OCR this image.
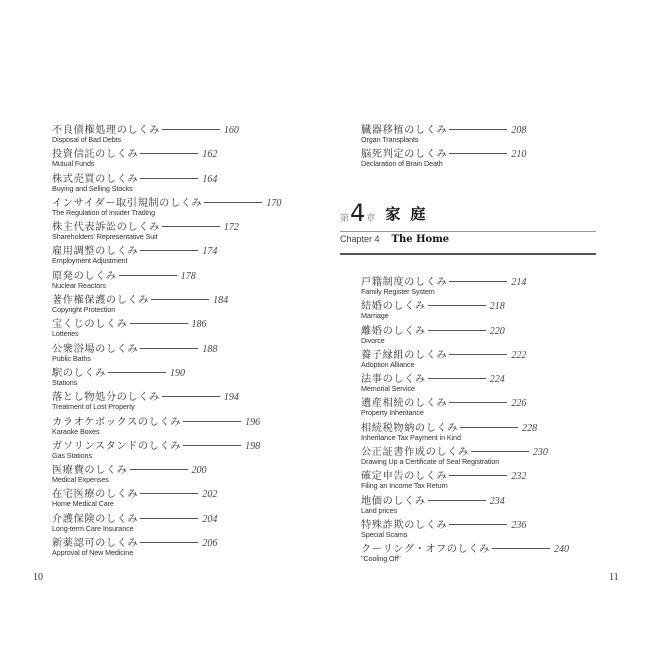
不良債権処理のしくみ	160
Disposal of Bad Debts
投資信託のしくみ	162
Mutual Funds
株式売買のしくみ	164
Buying and Selling Stocks
インサイダー取引規制のしくみ	170
The Regulation of Insider Trading
株主代表訴訟のしくみ	172
Shareholders' Representative Suit
雇用調整のしくみ	174
Employment Adjustment
原発のしくみ	178
Nuclear Reactors
著作権保護のしくみ	184
Copyright Protection
宝くじのしくみ	186
Lotteries
公衆浴場のしくみ	188
Public Baths
駅のしくみ	190
Stations
落とし物処分のしくみ	194
Treatment of Lost Property
カラオケボックスのしくみ	196
Karaoke Boxes
ガソリンスタンドのしくみ	198
Gas Stations
医療費のしくみ	200
Medical Expenses
在宅医療のしくみ	202
Home Medical Care
介護保険のしくみ	204
Long-term Care Insurance
新薬認可のしくみ	206
Approval of New Medicine
10
臓器移植のしくみ	208
Organ Transplants
脳死判定のしくみ	210
Declaration of Brain Death
戸籍制度のしくみ	214
Family Register System
結婚のしくみ	218
Marriage
離婚のしくみ	220
Divorce
養子縁組のしくみ	222
Adoption Alliance
法事のしくみ	224
Memorial Service
遺産相続のしくみ	226
Property Inheritance
相続税物納のしくみ	228
Inheritance Tax Payment in Kind
公正証書作成のしくみ	230
Drawing Up a Certificate of Seal Registration
確定申告のしくみ	232
Filing an Income Tax Return
地価のしくみ	234
Land prices
特殊詐欺のしくみ	236
Special Scams
クーリング・オフのしくみ	240
"Cooling Off"
11
第 4 章 家庭
Chapter 4 The Home
